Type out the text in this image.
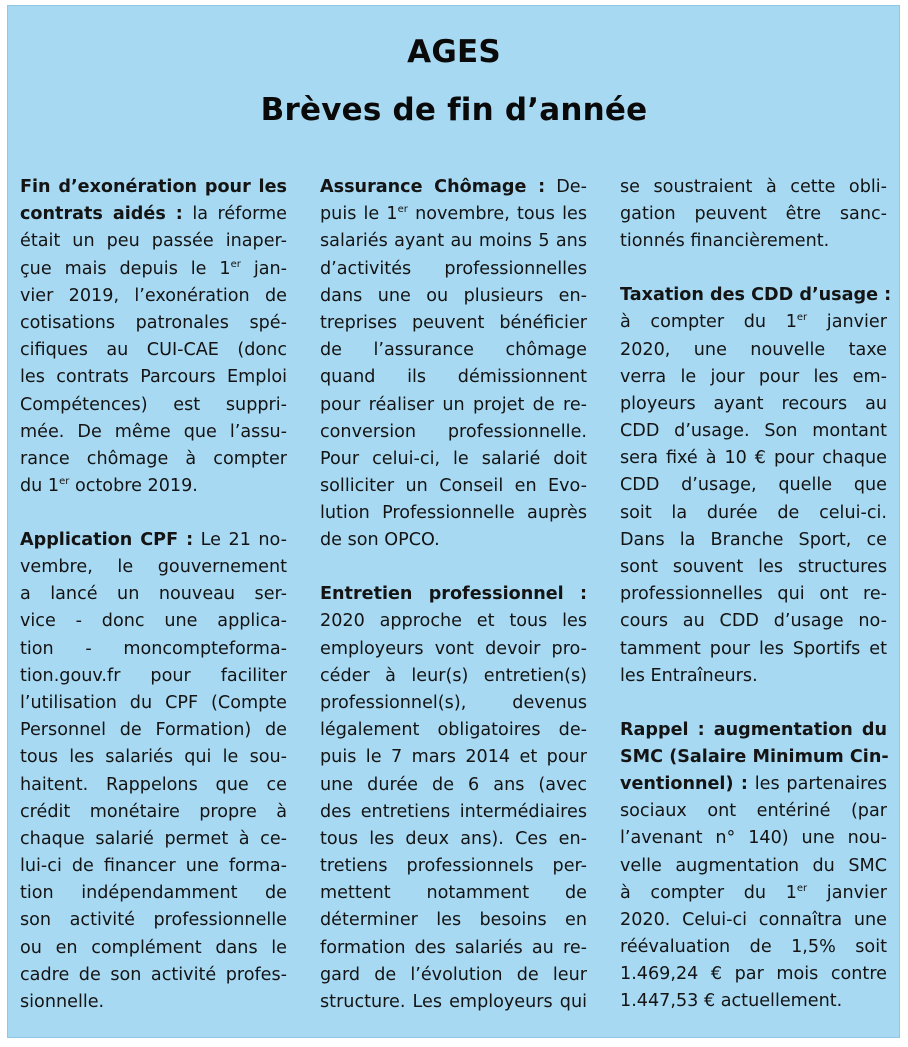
AGES
Brèves de fin d’année
Fin d’exonération pour les
contrats aidés : la réforme
était un peu passée inaper-
çue mais depuis le 1er jan-
vier 2019, l’exonération de
cotisations patronales spé-
cifiques au CUI-CAE (donc
les contrats Parcours Emploi
Compétences) est suppri-
mée. De même que l’assu-
rance chômage à compter
du 1er octobre 2019.
Application CPF : Le 21 no-
vembre, le gouvernement
a lancé un nouveau ser-
vice - donc une applica-
tion - moncompteforma-
tion.gouv.fr pour faciliter
l’utilisation du CPF (Compte
Personnel de Formation) de
tous les salariés qui le sou-
haitent. Rappelons que ce
crédit monétaire propre à
chaque salarié permet à ce-
lui-ci de financer une forma-
tion indépendamment de
son activité professionnelle
ou en complément dans le
cadre de son activité profes-
sionnelle.
Assurance Chômage : De-
puis le 1er novembre, tous les
salariés ayant au moins 5 ans
d’activités professionnelles
dans une ou plusieurs en-
treprises peuvent bénéficier
de l’assurance chômage
quand ils démissionnent
pour réaliser un projet de re-
conversion professionnelle.
Pour celui-ci, le salarié doit
solliciter un Conseil en Evo-
lution Professionnelle auprès
de son OPCO.
Entretien professionnel :
2020 approche et tous les
employeurs vont devoir pro-
céder à leur(s) entretien(s)
professionnel(s), devenus
légalement obligatoires de-
puis le 7 mars 2014 et pour
une durée de 6 ans (avec
des entretiens intermédiaires
tous les deux ans). Ces en-
tretiens professionnels per-
mettent notamment de
déterminer les besoins en
formation des salariés au re-
gard de l’évolution de leur
structure. Les employeurs qui
se soustraient à cette obli-
gation peuvent être sanc-
tionnés financièrement.
Taxation des CDD d’usage :
à compter du 1er janvier
2020, une nouvelle taxe
verra le jour pour les em-
ployeurs ayant recours au
CDD d’usage. Son montant
sera fixé à 10 € pour chaque
CDD d’usage, quelle que
soit la durée de celui-ci.
Dans la Branche Sport, ce
sont souvent les structures
professionnelles qui ont re-
cours au CDD d’usage no-
tamment pour les Sportifs et
les Entraîneurs.
Rappel : augmentation du
SMC (Salaire Minimum Cin-
ventionnel) : les partenaires
sociaux ont entériné (par
l’avenant n° 140) une nou-
velle augmentation du SMC
à compter du 1er janvier
2020. Celui-ci connaîtra une
réévaluation de 1,5% soit
1.469,24 € par mois contre
1.447,53 € actuellement.
